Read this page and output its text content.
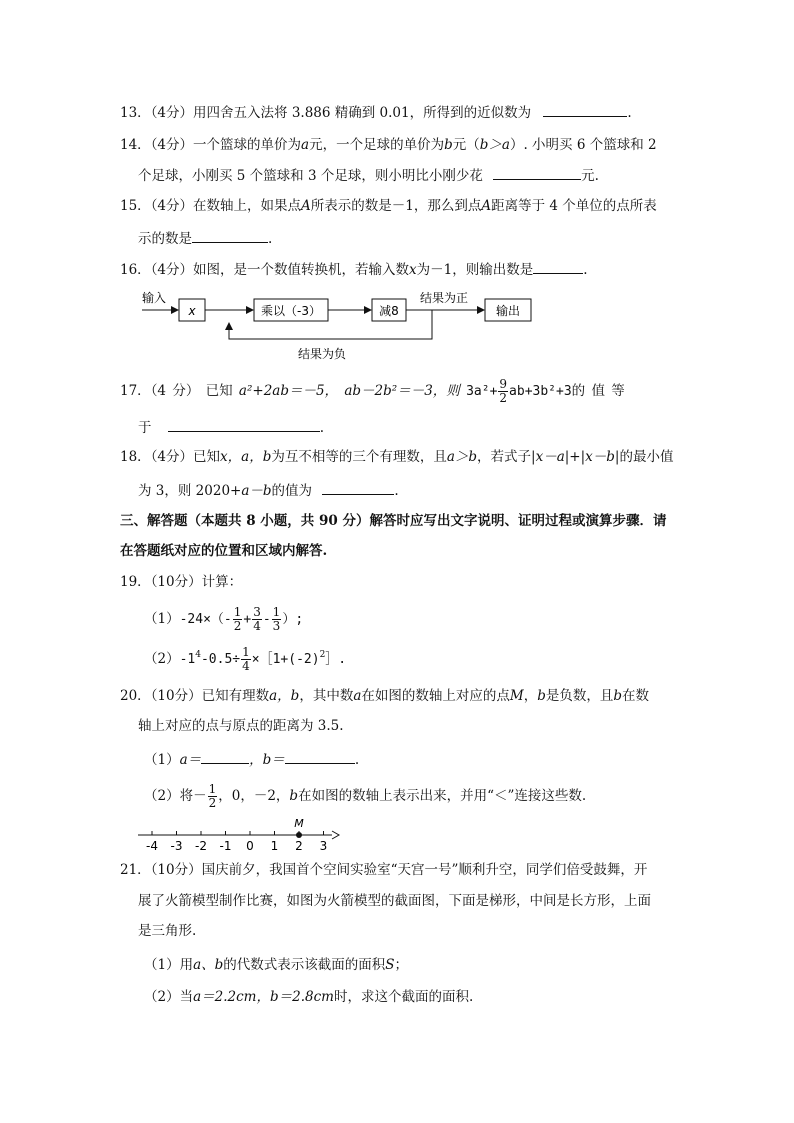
13．（4分）用四舍五入法将 3.886 精确到 0.01，所得到的近似数为	.
14．（4分）一个篮球的单价为a元，一个足球的单价为b元（b＞a）. 小明买 6 个篮球和 2
个足球，小刚买 5 个篮球和 3 个足球，则小明比小刚少花	元.
15．（4分）在数轴上，如果点A所表示的数是－1，那么到点A距离等于 4 个单位的点所表
示的数是	.
16．（4分）如图，是一个数值转换机，若输入数x为－1，则输出数是	.
输入
x	乘以（-3）	减8
结果为正
输出
结果为负
17．（4 分） 已知 a²+2ab＝－5， ab－2b²＝－3，则 $3a^2+ \frac{9}{2} ab+3b^2+3$的 值 等
于	.
18．（4分）已知x，a，b为互不相等的三个有理数，且a＞b，若式子|x－a|+|x－b|的最小值
为 3，则 2020+a－b的值为	.
三、解答题（本题共 8 小题，共 90 分）解答时应写出文字说明、证明过程或演算步骤．请
在答题纸对应的位置和区域内解答.
19．（10分）计算：
$(1)-24\times(- \frac{1}{2} + \frac{3}{4} - \frac{1}{3}$ ）;
$(2)-1^4-0.5\div \frac{1}{4}$ $\times[1+(-2)^2]$.
20．（10分）已知有理数a，b，其中数a在如图的数轴上对应的点M，b是负数，且b在数
轴上对应的点与原点的距离为 3.5.
（1）a＝	，b＝	.
（2）将－ $\frac{1}{2}$ ，0，－2，b在如图的数轴上表示出来，并用“＜”连接这些数.
-4 -3 -2 -1 0 1 2 3
M
21．（10分）国庆前夕，我国首个空间实验室“天宫一号”顺利升空，同学们倍受鼓舞，开
展了火箭模型制作比赛，如图为火箭模型的截面图，下面是梯形，中间是长方形，上面
是三角形.
（1）用a、b的代数式表示该截面的面积S；
（2）当a＝2.2cm，b＝2.8cm时，求这个截面的面积.
